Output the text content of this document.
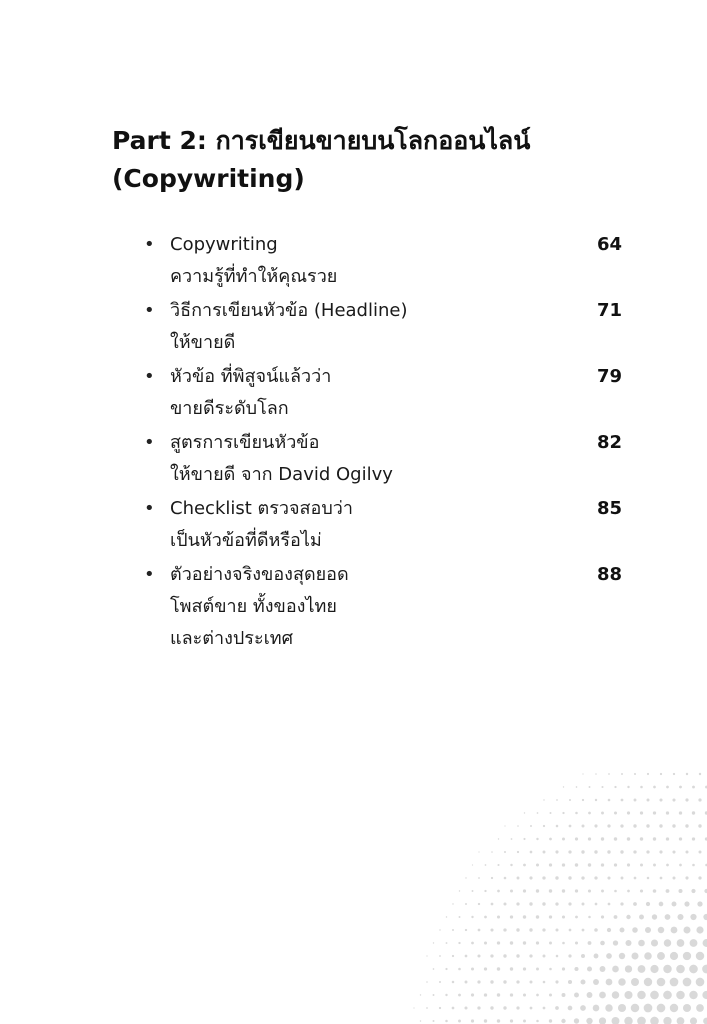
Part 2: การเขียนขายบนโลกออนไลน์
(Copywriting)
• Copywriting
ความรู้ที่ทำให้คุณรวย
64
• วิธีการเขียนหัวข้อ (Headline)
ให้ขายดี
71
• หัวข้อ ที่พิสูจน์แล้วว่า
ขายดีระดับโลก
79
• สูตรการเขียนหัวข้อ
ให้ขายดี จาก David Ogilvy
82
• Checklist ตรวจสอบว่า
เป็นหัวข้อที่ดีหรือไม่
85
• ตัวอย่างจริงของสุดยอด
โพสต์ขาย ทั้งของไทย
และต่างประเทศ
88
